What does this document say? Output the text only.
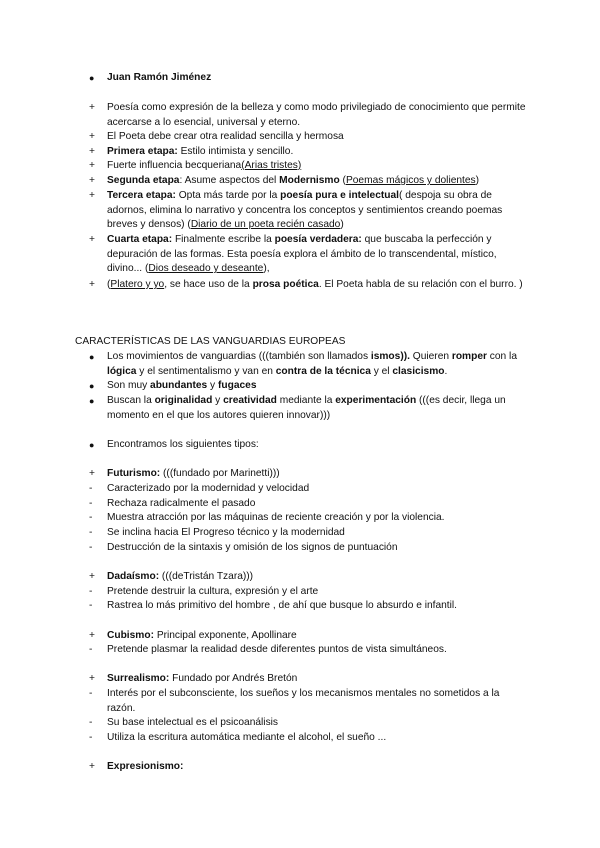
●	Juan Ramón Jiménez
+	Poesía como expresión de la belleza y como modo privilegiado de conocimiento que permite acercarse a lo esencial, universal y eterno.
+	El Poeta debe crear otra realidad sencilla y hermosa
+	Primera etapa: Estilo intimista y sencillo.
+	Fuerte influencia becqueriana(Arias tristes)
+	Segunda etapa: Asume aspectos del Modernismo (Poemas mágicos y dolientes)
+	Tercera etapa: Opta más tarde por la poesía pura e intelectual( despoja su obra de adornos, elimina lo narrativo y concentra los conceptos y sentimientos creando poemas breves y densos) (Diario de un poeta recién casado)
+	Cuarta etapa: Finalmente escribe la poesía verdadera: que buscaba la perfección y depuración de las formas. Esta poesía explora el ámbito de lo transcendental, místico, divino... (Dios deseado y deseante),
+	(Platero y yo, se hace uso de la prosa poética. El Poeta habla de su relación con el burro. )
CARACTERÍSTICAS DE LAS VANGUARDIAS EUROPEAS
●	Los movimientos de vanguardias (((también son llamados ismos)). Quieren romper con la lógica y el sentimentalismo y van en contra de la técnica y el clasicismo.
●	Son muy abundantes y fugaces
●	Buscan la originalidad y creatividad mediante la experimentación (((es decir, llega un momento en el que los autores quieren innovar)))
●	Encontramos los siguientes tipos:
+	Futurismo: (((fundado por Marinetti)))
-	Caracterizado por la modernidad y velocidad
-	Rechaza radicalmente el pasado
-	Muestra atracción por las máquinas de reciente creación y por la violencia.
-	Se inclina hacia El Progreso técnico y la modernidad
-	Destrucción de la sintaxis y omisión de los signos de puntuación
+	Dadaísmo: (((deTristán Tzara)))
-	Pretende destruir la cultura, expresión y el arte
-	Rastrea lo más primitivo del hombre , de ahí que busque lo absurdo e infantil.
+	Cubismo: Principal exponente, Apollinare
-	Pretende plasmar la realidad desde diferentes puntos de vista simultáneos.
+	Surrealismo: Fundado por Andrés Bretón
-	Interés por el subconsciente, los sueños y los mecanismos mentales no sometidos a la razón.
-	Su base intelectual es el psicoanálisis
-	Utiliza la escritura automática mediante el alcohol, el sueño ...
+	Expresionismo:
